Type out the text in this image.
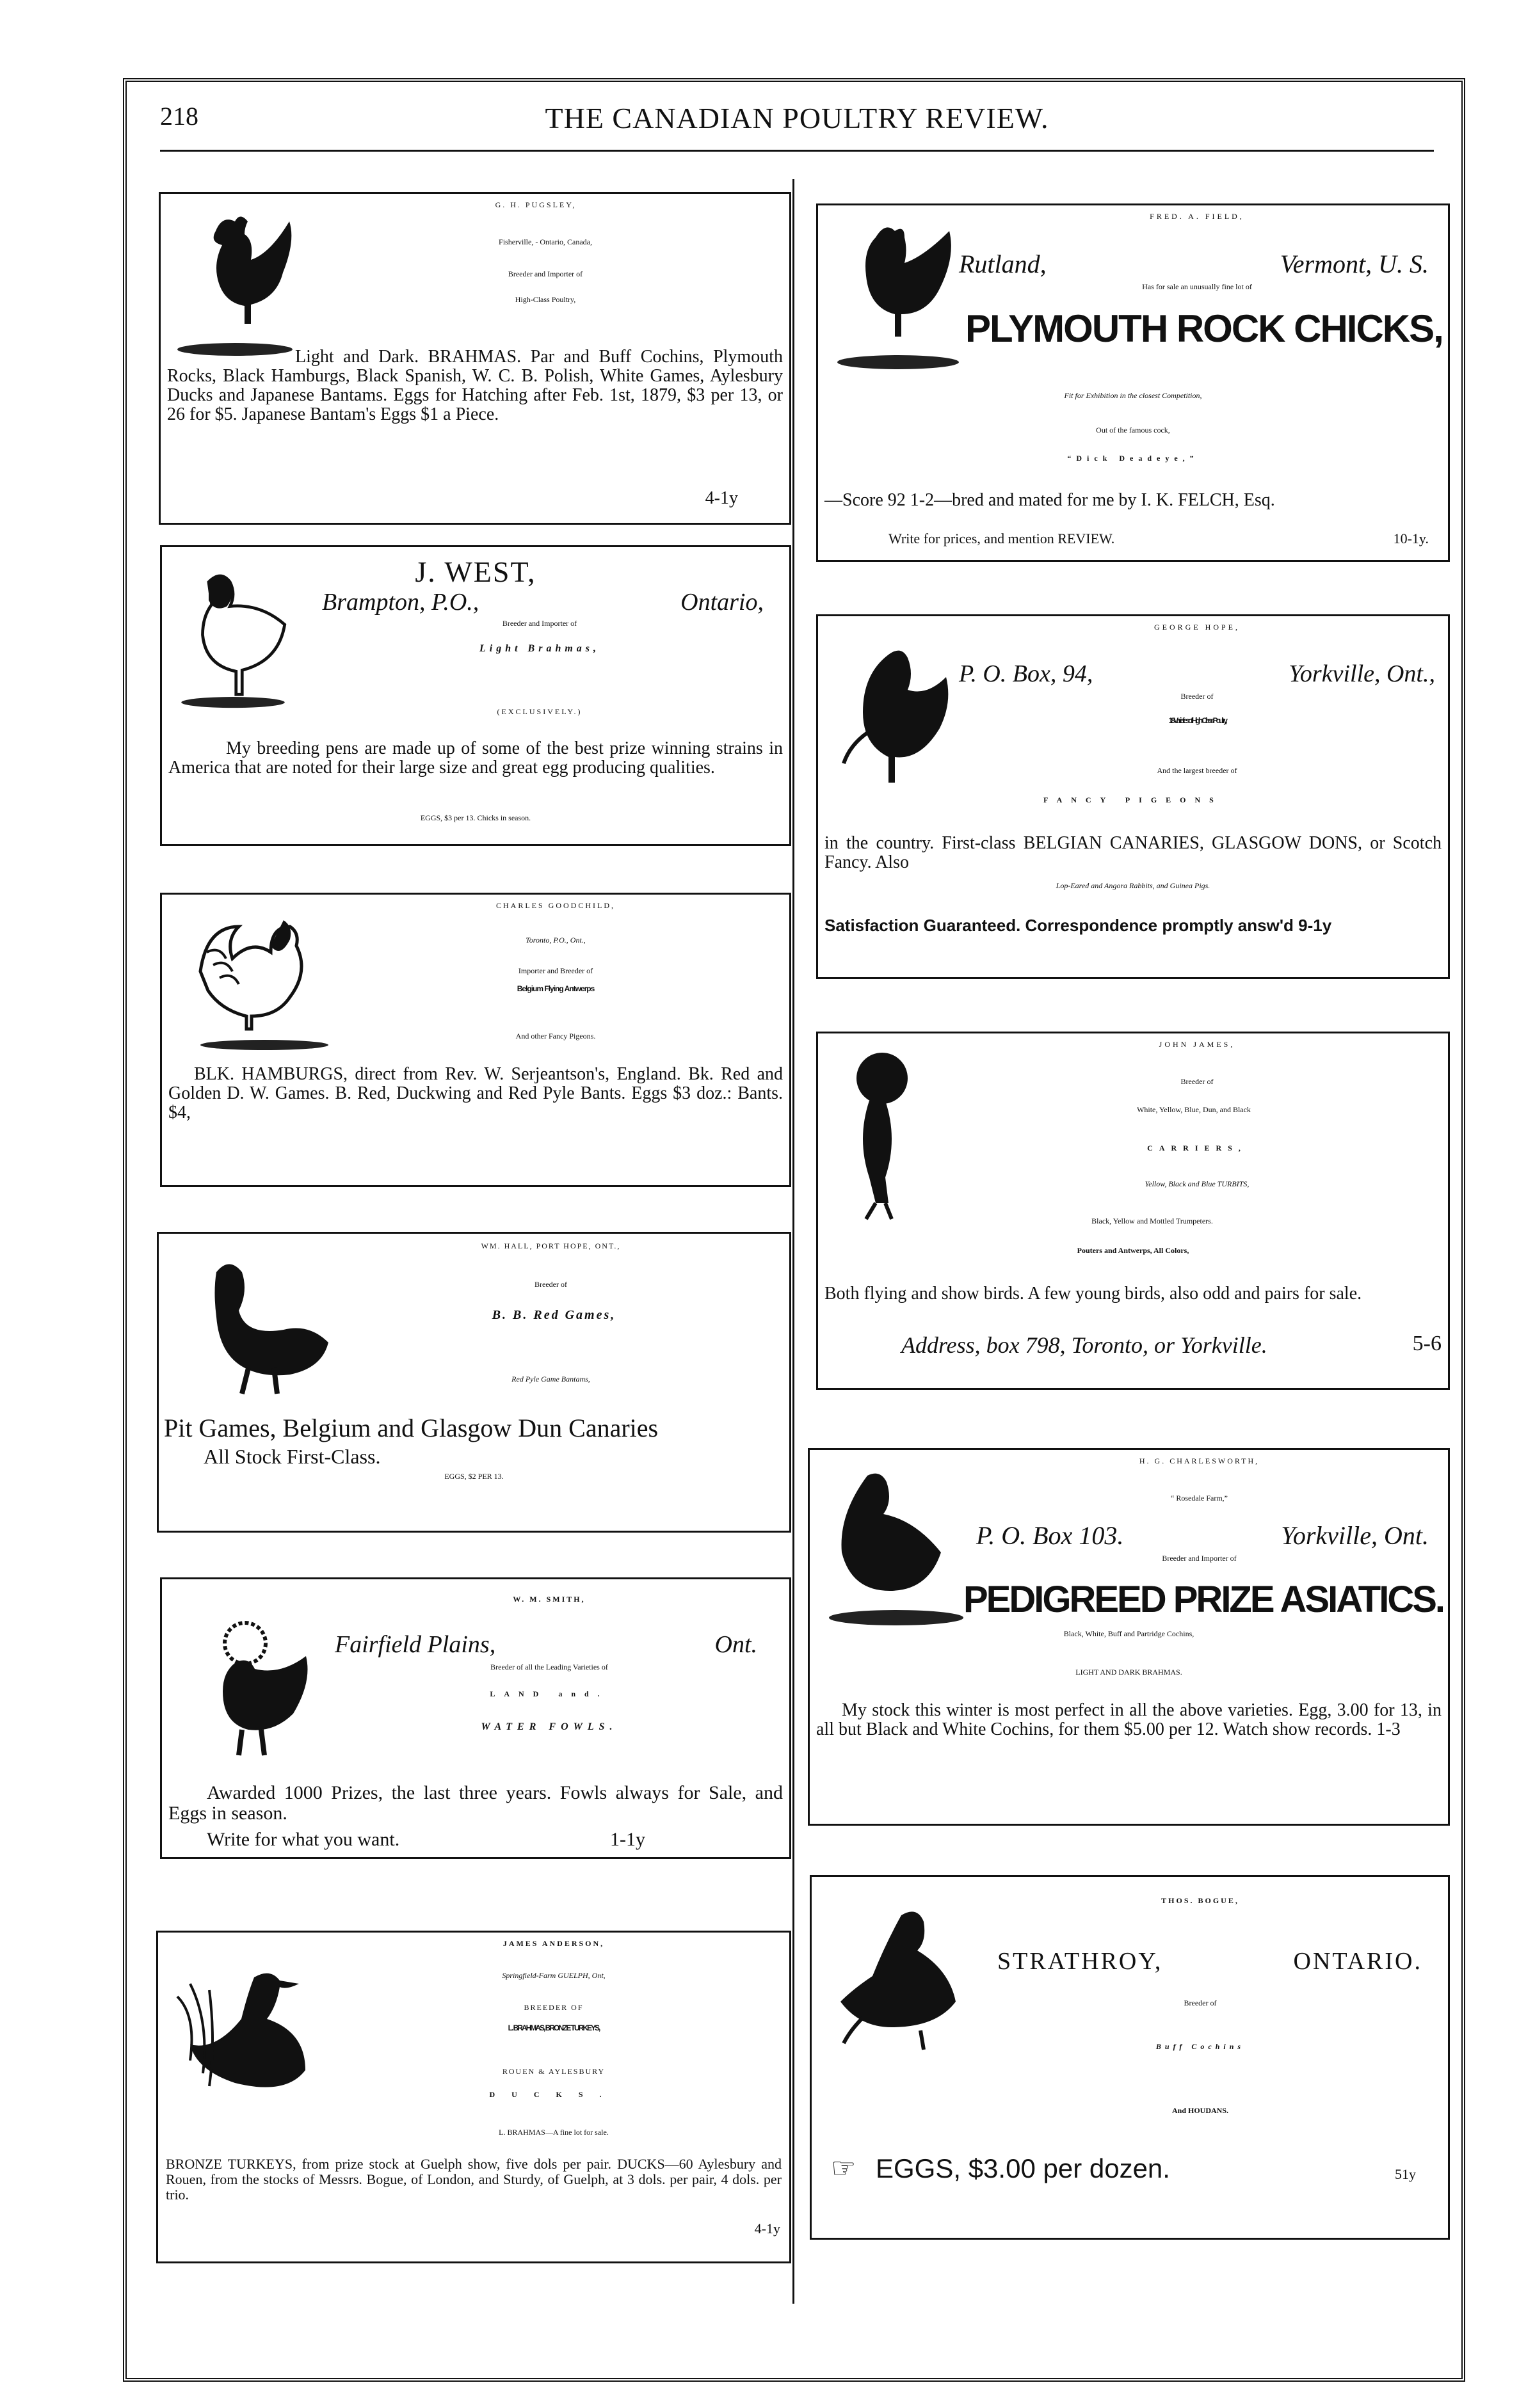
218	THE CANADIAN POULTRY REVIEW.
G. H. PUGSLEY,
Fisherville, - Ontario, Canada,
Breeder and Importer of
High-Class Poultry,
Light and Dark. BRAHMAS. Par and Buff Cochins, Plymouth Rocks, Black Hamburgs, Black Spanish, W. C. B. Polish, White Games, Aylesbury Ducks and Japanese Bantams. Eggs for Hatching after Feb. 1st, 1879, $3 per 13, or 26 for $5. Japanese Bantam's Eggs $1 a Piece.
4-1y
J. WEST,
Brampton, P.O.,	Ontario,
Breeder and Importer of
Light Brahmas,
(EXCLUSIVELY.)
My breeding pens are made up of some of the best prize winning strains in America that are noted for their large size and great egg producing qualities.
EGGS, $3 per 13. Chicks in season.
CHARLES GOODCHILD,
Toronto, P.O., Ont.,
Importer and Breeder of
Belgium Flying Antwerps
And other Fancy Pigeons.
BLK. HAMBURGS, direct from Rev. W. Serjeantson's, England. Bk. Red and Golden D. W. Games. B. Red, Duckwing and Red Pyle Bants. Eggs $3 doz.: Bants. $4,
WM. HALL, PORT HOPE, ONT.,
Breeder of
B. B. Red Games,
Red Pyle Game Bantams,
Pit Games, Belgium and Glasgow Dun Canaries
All Stock First-Class.
EGGS, $2 PER 13.
W. M. SMITH,
Fairfield Plains,	Ont.
Breeder of all the Leading Varieties of
LAND and.
WATER FOWLS.
Awarded 1000 Prizes, the last three years. Fowls always for Sale, and Eggs in season.
Write for what you want.	1-1y
JAMES ANDERSON,
Springfield-Farm GUELPH, Ont,
BREEDER OF
L. BRAHMAS, BRONZE TURKEYS,
ROUEN & AYLESBURY
DUCKS.
L. BRAHMAS—A fine lot for sale.
BRONZE TURKEYS, from prize stock at Guelph show, five dols per pair. DUCKS—60 Aylesbury and Rouen, from the stocks of Messrs. Bogue, of London, and Sturdy, of Guelph, at 3 dols. per pair, 4 dols. per trio.
4-1y
FRED. A. FIELD,
Rutland,	Vermont, U. S.
Has for sale an unusually fine lot of
PLYMOUTH ROCK CHICKS,
Fit for Exhibition in the closest Competition,
Out of the famous cock,
“Dick Deadeye,”
—Score 92 1-2—bred and mated for me by I. K. FELCH, Esq.
Write for prices, and mention REVIEW.	10-1y.
GEORGE HOPE,
P. O. Box, 94,	Yorkville, Ont.,
Breeder of
18 Varieties of High-Class Poultry,
And the largest breeder of
FANCY PIGEONS
in the country. First-class BELGIAN CANARIES, GLASGOW DONS, or Scotch Fancy. Also
Lop-Eared and Angora Rabbits, and Guinea Pigs.
Satisfaction Guaranteed. Correspondence promptly answ'd 9-1y
JOHN JAMES,
Breeder of
White, Yellow, Blue, Dun, and Black
CARRIERS,
Yellow, Black and Blue TURBITS,
Black, Yellow and Mottled Trumpeters.
Pouters and Antwerps, All Colors,
Both flying and show birds. A few young birds, also odd and pairs for sale.
Address, box 798, Toronto, or Yorkville.	5-6
H. G. CHARLESWORTH,
“ Rosedale Farm,”
P. O. Box 103.	Yorkville, Ont.
Breeder and Importer of
PEDIGREED PRIZE ASIATICS.
Black, White, Buff and Partridge Cochins,
LIGHT AND DARK BRAHMAS.
My stock this winter is most perfect in all the above varieties. Egg, 3.00 for 13, in all but Black and White Cochins, for them $5.00 per 12. Watch show records. 1-3
THOS. BOGUE,
STRATHROY,	ONTARIO.
Breeder of
Buff Cochins
And HOUDANS.
☞ EGGS, $3.00 per dozen.	51y
